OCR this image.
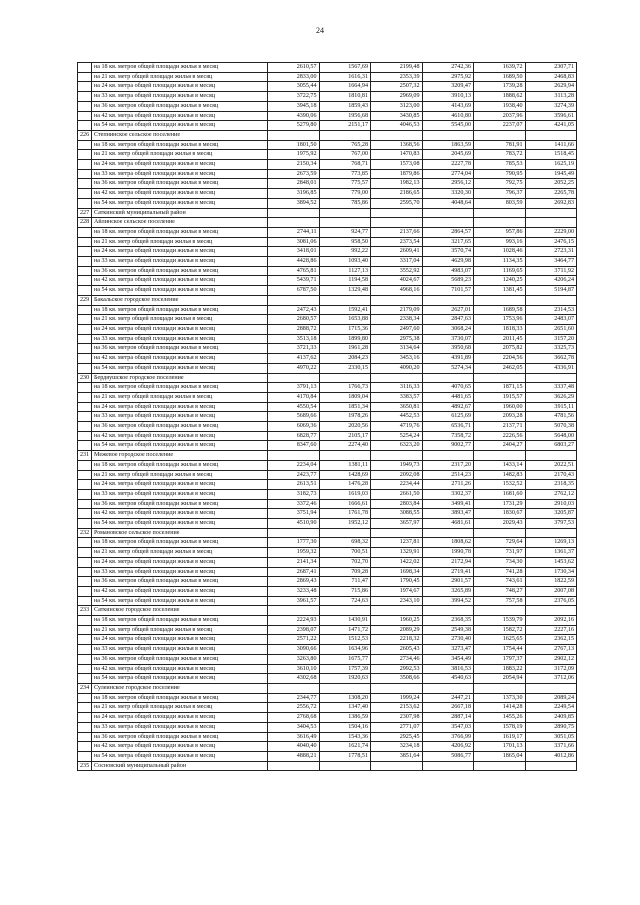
24
	на 18 кв. метров общей площади жилья в месяц	2610,57	1567,69	2199,48	2742,36	1639,72	2307,71
	на 21 кв. метр общей площади жилья в месяц	2833,00	1616,31	2353,39	2975,92	1689,50	2468,83
	на 24 кв. метра общей площади жилья в месяц	3055,44	1664,94	2507,32	3209,47	1739,28	2629,94
	на 33 кв. метра общей площади жилья в месяц	3722,75	1810,81	2969,09	3910,13	1888,62	3113,28
	на 36 кв. метров общей площади жилья в месяц	3945,18	1859,43	3123,00	4143,69	1938,40	3274,39
	на 42 кв. метра общей площади жилья в месяц	4390,06	1956,68	3430,85	4610,80	2037,96	3596,61
	на 54 кв. метра общей площади жилья в месяц	5279,80	2151,17	4046,53	5545,00	2237,07	4241,05
226	Степнинское сельское поселение						
	на 18 кв. метров общей площади жилья в месяц	1801,50	765,28	1368,56	1863,59	781,91	1411,66
	на 21 кв. метр общей площади жилья в месяц	1975,92	767,00	1470,83	2045,69	783,72	1518,45
	на 24 кв. метра общей площади жилья в месяц	2150,34	768,71	1573,08	2227,78	785,53	1625,19
	на 33 кв. метра общей площади жилья в месяц	2673,59	773,85	1879,86	2774,04	790,95	1945,49
	на 36 кв. метров общей площади жилья в месяц	2848,01	775,57	1982,13	2956,12	792,75	2052,25
	на 42 кв. метра общей площади жилья в месяц	3196,85	779,00	2186,65	3320,30	796,37	2265,78
	на 54 кв. метра общей площади жилья в месяц	3894,52	785,86	2595,70	4048,64	803,59	2692,83
227	Саткинский муниципальный район						
228	Айлинское сельское поселение						
	на 18 кв. метров общей площади жилья в месяц	2744,11	924,77	2137,66	2864,57	957,86	2229,00
	на 21 кв. метр общей площади жилья в месяц	3081,06	958,50	2373,54	3217,65	993,16	2476,15
	на 24 кв. метра общей площади жилья в месяц	3418,01	992,22	2609,41	3570,74	1028,46	2723,31
	на 33 кв. метра общей площади жилья в месяц	4428,86	1093,40	3317,04	4629,98	1134,35	3464,77
	на 36 кв. метров общей площади жилья в месяц	4765,81	1127,13	3552,92	4983,07	1169,65	3711,92
	на 42 кв. метра общей площади жилья в месяц	5439,71	1194,58	4024,67	5689,23	1240,25	4206,24
	на 54 кв. метра общей площади жилья в месяц	6787,50	1329,48	4968,16	7101,57	1381,45	5194,87
229	Бакальское городское поселение						
	на 18 кв. метров общей площади жилья в месяц	2472,43	1592,41	2179,09	2627,01	1689,58	2314,53
	на 21 кв. метр общей площади жилья в месяц	2680,57	1653,88	2338,34	2847,63	1753,96	2483,07
	на 24 кв. метра общей площади жилья в месяц	2888,72	1715,36	2497,60	3068,24	1818,33	2651,60
	на 33 кв. метра общей площади жилья в месяц	3513,18	1899,80	2975,38	3730,07	2011,45	3157,20
	на 36 кв. метров общей площади жилья в месяц	3721,33	1961,28	3134,64	3950,68	2075,82	3325,73
	на 42 кв. метра общей площади жилья в месяц	4137,62	2084,23	3453,16	4391,89	2204,56	3662,78
	на 54 кв. метра общей площади жилья в месяц	4970,22	2330,15	4090,20	5274,34	2462,05	4336,91
230	Бердяушское городское поселение						
	на 18 кв. метров общей площади жилья в месяц	3791,13	1766,73	3116,33	4070,65	1871,15	3337,48
	на 21 кв. метр общей площади жилья в месяц	4170,84	1809,04	3383,57	4481,65	1915,57	3626,29
	на 24 кв. метра общей площади жилья в месяц	4550,54	1851,34	3650,81	4892,67	1960,00	3915,11
	на 33 кв. метра общей площади жилья в месяц	5689,66	1978,26	4452,53	6125,69	2093,28	4781,56
	на 36 кв. метров общей площади жилья в месяц	6069,36	2020,56	4719,76	6536,71	2137,71	5070,38
	на 42 кв. метра общей площади жилья в месяц	6828,77	2105,17	5254,24	7358,72	2226,56	5648,00
	на 54 кв. метра общей площади жилья в месяц	8347,60	2274,40	6323,20	9002,77	2404,27	6803,27
231	Межевое городское поселение						
	на 18 кв. метров общей площади жилья в месяц	2234,04	1381,11	1949,73	2317,20	1433,14	2022,51
	на 21 кв. метр общей площади жилья в месяц	2423,77	1428,69	2092,08	2514,23	1482,83	2170,43
	на 24 кв. метра общей площади жилья в месяц	2613,51	1476,28	2234,44	2711,26	1532,52	2318,35
	на 33 кв. метра общей площади жилья в месяц	3182,73	1619,03	2661,50	3302,37	1681,60	2762,12
	на 36 кв. метров общей площади жилья в месяц	3372,46	1666,61	2803,84	3499,41	1731,29	2910,03
	на 42 кв. метра общей площади жилья в месяц	3751,94	1761,78	3088,55	3893,47	1830,67	3205,87
	на 54 кв. метра общей площади жилья в месяц	4510,90	1952,12	3657,97	4681,61	2029,43	3797,53
232	Романовское сельское поселение						
	на 18 кв. метров общей площади жилья в месяц	1777,30	698,32	1237,81	1808,62	729,64	1269,13
	на 21 кв. метр общей площади жилья в месяц	1959,32	700,51	1329,91	1990,78	731,97	1361,37
	на 24 кв. метра общей площади жилья в месяц	2141,34	702,70	1422,02	2172,94	734,30	1453,62
	на 33 кв. метра общей площади жилья в месяц	2687,41	709,28	1698,34	2719,41	741,28	1730,34
	на 36 кв. метров общей площади жилья в месяц	2869,43	711,47	1790,45	2901,57	743,61	1822,59
	на 42 кв. метра общей площади жилья в месяц	3233,48	715,86	1974,67	3265,89	748,27	2007,08
	на 54 кв. метра общей площади жилья в месяц	3961,57	724,63	2343,10	3994,52	757,58	2376,05
233	Саткинское городское поселение						
	на 18 кв. метров общей площади жилья в месяц	2224,93	1430,91	1960,25	2368,35	1539,79	2092,16
	на 21 кв. метр общей площади жилья в месяц	2398,07	1471,72	2089,29	2549,38	1582,72	2227,16
	на 24 кв. метра общей площади жилья в месяц	2571,22	1512,53	2218,32	2730,40	1625,65	2362,15
	на 33 кв. метра общей площади жилья в месяц	3090,66	1634,96	2605,43	3273,47	1754,44	2767,13
	на 36 кв. метров общей площади жилья в месяц	3263,80	1675,77	2734,46	3454,49	1797,37	2902,12
	на 42 кв. метра общей площади жилья в месяц	3610,10	1757,39	2992,53	3816,53	1883,22	3172,09
	на 54 кв. метра общей площади жилья в месяц	4302,68	1920,63	3508,66	4540,63	2054,94	3712,06
234	Сулеинское городское поселение						
	на 18 кв. метров общей площади жилья в месяц	2344,77	1308,20	1999,24	2447,21	1373,30	2089,24
	на 21 кв. метр общей площади жилья в месяц	2556,72	1347,40	2153,62	2667,18	1414,28	2249,54
	на 24 кв. метра общей площади жилья в месяц	2768,68	1386,59	2307,98	2887,14	1455,26	2409,85
	на 33 кв. метра общей площади жилья в месяц	3404,53	1504,16	2771,07	3547,03	1578,19	2890,75
	на 36 кв. метров общей площади жилья в месяц	3616,49	1543,36	2925,45	3766,99	1619,17	3051,05
	на 42 кв. метра общей площади жилья в месяц	4040,40	1621,74	3234,18	4206,92	1701,13	3371,66
	на 54 кв. метра общей площади жилья в месяц	4888,21	1778,51	3851,64	5086,77	1865,04	4012,86
235	Сосновский муниципальный район						
